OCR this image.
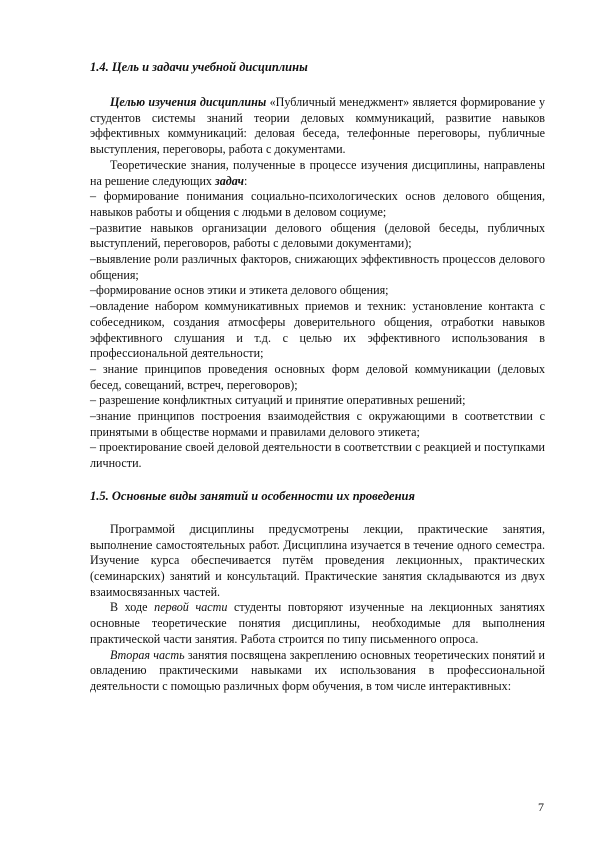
1.4. Цель и задачи учебной дисциплины

Целью изучения дисциплины «Публичный менеджмент» является формирование у студентов системы знаний теории деловых коммуникаций, развитие навыков эффективных коммуникаций: деловая беседа, телефонные переговоры, публичные выступления, переговоры, работа с документами.

Теоретические знания, полученные в процессе изучения дисциплины, направлены на решение следующих задач:

– формирование понимания социально-психологических основ делового общения, навыков работы и общения с людьми в деловом социуме;

–развитие навыков организации делового общения (деловой беседы, публичных выступлений, переговоров, работы с деловыми документами);

–выявление роли различных факторов, снижающих эффективность процессов делового общения;

–формирование основ этики и этикета делового общения;

–овладение набором коммуникативных приемов и техник: установление контакта с собеседником, создания атмосферы доверительного общения, отработки навыков эффективного слушания и т.д. с целью их эффективного использования в профессиональной деятельности;

– знание принципов проведения основных форм деловой коммуникации (деловых бесед, совещаний, встреч, переговоров);

– разрешение конфликтных ситуаций и принятие оперативных решений;

–знание принципов построения взаимодействия с окружающими в соответствии с принятыми в обществе нормами и правилами делового этикета;

– проектирование своей деловой деятельности в соответствии с реакцией и поступками личности.

1.5. Основные виды занятий и особенности их проведения

Программой дисциплины предусмотрены лекции, практические занятия, выполнение самостоятельных работ. Дисциплина изучается в течение одного семестра. Изучение курса обеспечивается путём проведения лекционных, практических (семинарских) занятий и консультаций. Практические занятия складываются из двух взаимосвязанных частей.

В ходе первой части студенты повторяют изученные на лекционных занятиях основные теоретические понятия дисциплины, необходимые для выполнения практической части занятия. Работа строится по типу письменного опроса.

Вторая часть занятия посвящена закреплению основных теоретических понятий и овладению практическими навыками их использования в профессиональной деятельности с помощью различных форм обучения, в том числе интерактивных:

7
